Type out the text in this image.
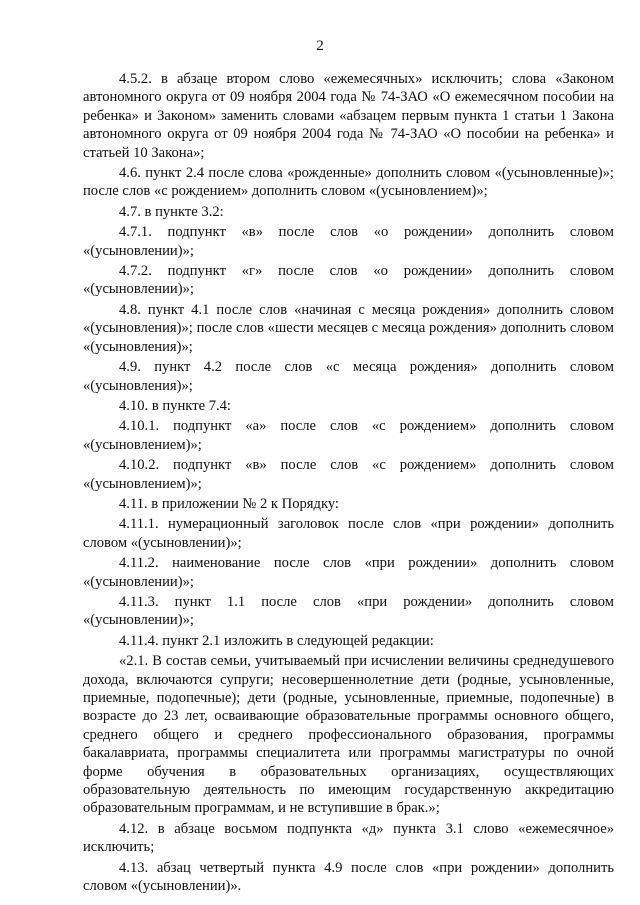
2

4.5.2. в абзаце втором слово «ежемесячных» исключить; слова «Законом автономного округа от 09 ноября 2004 года № 74-ЗАО «О ежемесячном пособии на ребенка» и Законом» заменить словами «абзацем первым пункта 1 статьи 1 Закона автономного округа от 09 ноября 2004 года № 74-ЗАО «О пособии на ребенка» и статьей 10 Закона»;

4.6. пункт 2.4 после слова «рожденные» дополнить словом «(усыновленные)»; после слов «с рождением» дополнить словом «(усыновлением)»;

4.7. в пункте 3.2:

4.7.1. подпункт «в» после слов «о рождении» дополнить словом «(усыновлении)»;

4.7.2. подпункт «г» после слов «о рождении» дополнить словом «(усыновлении)»;

4.8. пункт 4.1 после слов «начиная с месяца рождения» дополнить словом «(усыновления)»; после слов «шести месяцев с месяца рождения» дополнить словом «(усыновления)»;

4.9. пункт 4.2 после слов «с месяца рождения» дополнить словом «(усыновления)»;

4.10. в пункте 7.4:

4.10.1. подпункт «а» после слов «с рождением» дополнить словом «(усыновлением)»;

4.10.2. подпункт «в» после слов «с рождением» дополнить словом «(усыновлением)»;

4.11. в приложении № 2 к Порядку:

4.11.1. нумерационный заголовок после слов «при рождении» дополнить словом «(усыновлении)»;

4.11.2. наименование после слов «при рождении» дополнить словом «(усыновлении)»;

4.11.3. пункт 1.1 после слов «при рождении» дополнить словом «(усыновлении)»;

4.11.4. пункт 2.1 изложить в следующей редакции:

«2.1. В состав семьи, учитываемый при исчислении величины среднедушевого дохода, включаются супруги; несовершеннолетние дети (родные, усыновленные, приемные, подопечные); дети (родные, усыновленные, приемные, подопечные) в возрасте до 23 лет, осваивающие образовательные программы основного общего, среднего общего и среднего профессионального образования, программы бакалавриата, программы специалитета или программы магистратуры по очной форме обучения в образовательных организациях, осуществляющих образовательную деятельность по имеющим государственную аккредитацию образовательным программам, и не вступившие в брак.»;

4.12. в абзаце восьмом подпункта «д» пункта 3.1 слово «ежемесячное» исключить;

4.13. абзац четвертый пункта 4.9 после слов «при рождении» дополнить словом «(усыновлении)».
